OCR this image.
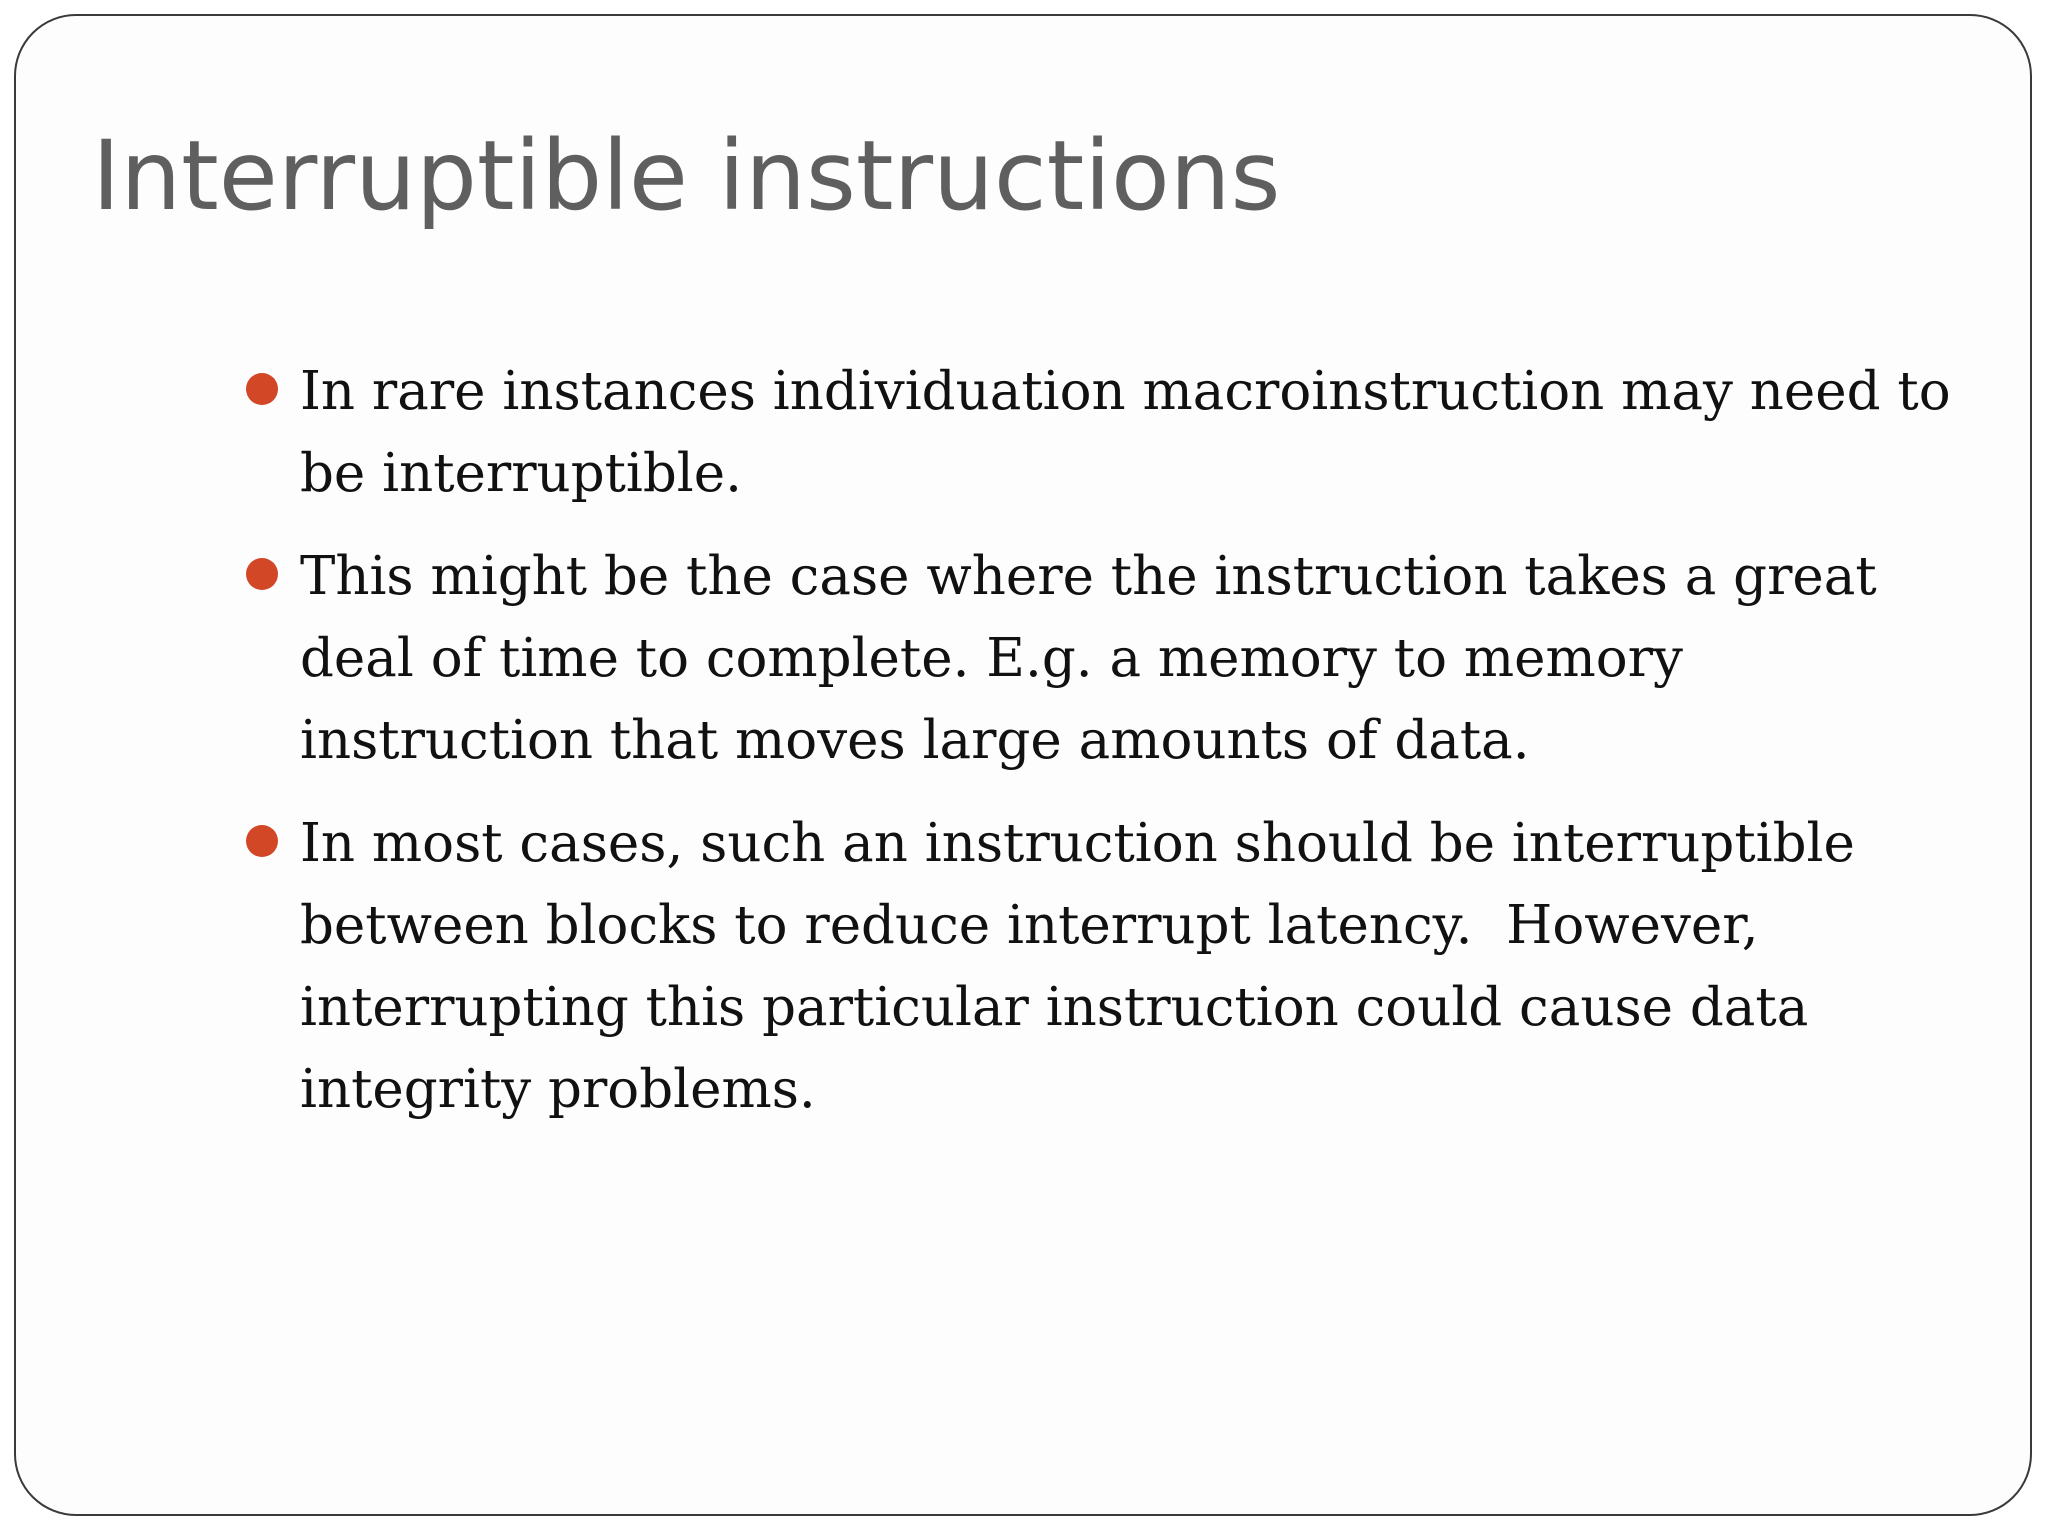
Interruptible instructions
In rare instances individuation macroinstruction may need to be interruptible.
This might be the case where the instruction takes a great deal of time to complete. E.g. a memory to memory instruction that moves large amounts of data.
In most cases, such an instruction should be interruptible between blocks to reduce interrupt latency.  However, interrupting this particular instruction could cause data integrity problems.
